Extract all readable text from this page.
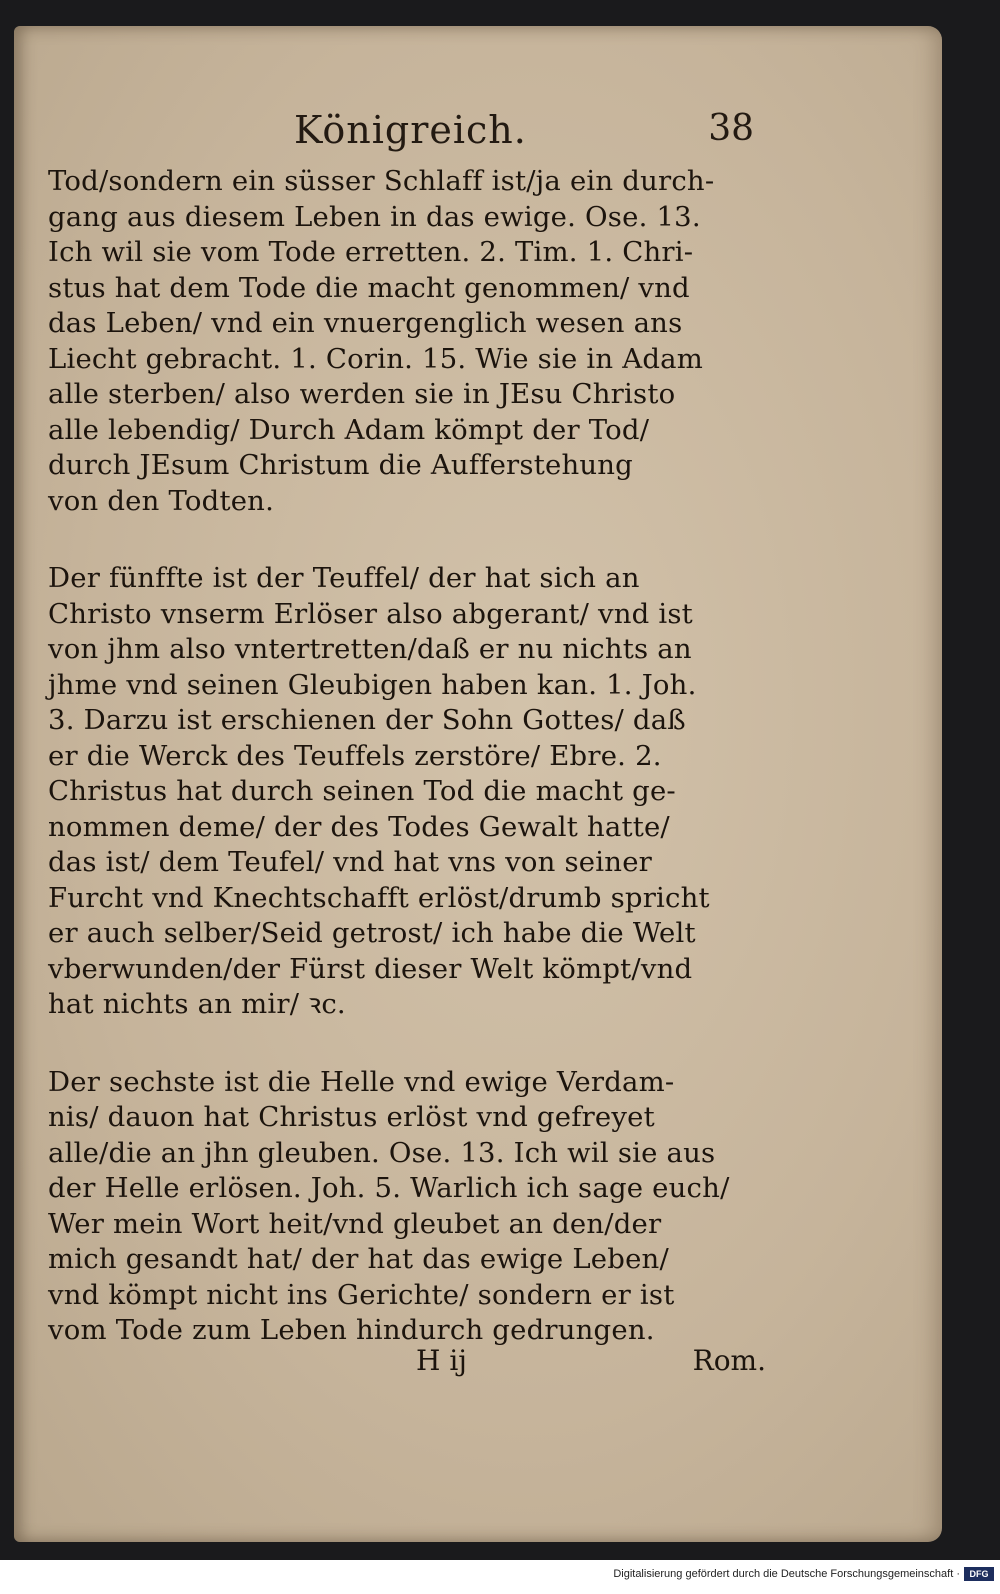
Königreich.	38
Tod/sondern ein süsser Schlaff ist/ja ein durch-
gang aus diesem Leben in das ewige. Ose. 13.
Ich wil sie vom Tode erretten. 2. Tim. 1. Chri-
stus hat dem Tode die macht genommen/ vnd
das Leben/ vnd ein vnuergenglich wesen ans
Liecht gebracht. 1. Corin. 15. Wie sie in Adam
alle sterben/ also werden sie in JEsu Christo
alle lebendig/ Durch Adam kömpt der Tod/
durch JEsum Christum die Aufferstehung
von den Todten.
Der fünffte ist der Teuffel/ der hat sich an
Christo vnserm Erlöser also abgerant/ vnd ist
von jhm also vntertretten/daß er nu nichts an
jhme vnd seinen Gleubigen haben kan. 1. Joh.
3. Darzu ist erschienen der Sohn Gottes/ daß
er die Werck des Teuffels zerstöre/ Ebre. 2.
Christus hat durch seinen Tod die macht ge-
nommen deme/ der des Todes Gewalt hatte/
das ist/ dem Teufel/ vnd hat vns von seiner
Furcht vnd Knechtschafft erlöst/drumb spricht
er auch selber/Seid getrost/ ich habe die Welt
vberwunden/der Fürst dieser Welt kömpt/vnd
hat nichts an mir/ ꝛc.
Der sechste ist die Helle vnd ewige Verdam-
nis/ dauon hat Christus erlöst vnd gefreyet
alle/die an jhn gleuben. Ose. 13. Ich wil sie aus
der Helle erlösen. Joh. 5. Warlich ich sage euch/
Wer mein Wort heit/vnd gleubet an den/der
mich gesandt hat/ der hat das ewige Leben/
vnd kömpt nicht ins Gerichte/ sondern er ist
vom Tode zum Leben hindurch gedrungen.
H ij	Rom.
Digitalisierung gefördert durch die Deutsche Forschungsgemeinschaft ·	DFG
